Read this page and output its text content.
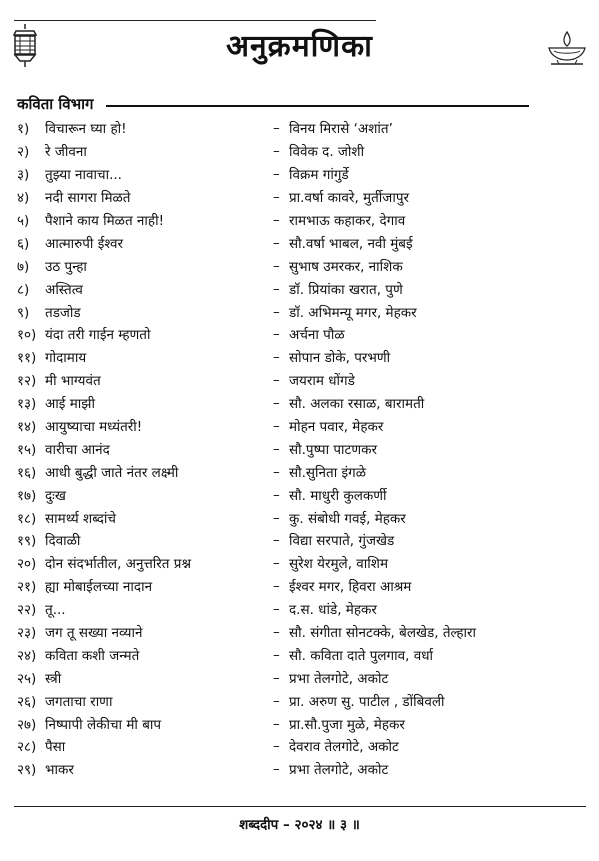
अनुक्रमणिका
कविता विभाग
१)	विचारून घ्या हो!	– विनय मिरासे ‘अशांत’
२)	रे जीवना	– विवेक द. जोशी
३)	तुझ्या नावाचा...	– विक्रम गांगुर्डे
४)	नदी सागरा मिळते	– प्रा.वर्षा कावरे, मुर्तीजापुर
५)	पैशाने काय मिळत नाही!	– रामभाऊ कहाकर, देगाव
६)	आत्मारुपी ईश्वर	– सौ.वर्षा भाबल, नवी मुंबई
७)	उठ पुन्हा	– सुभाष उमरकर, नाशिक
८)	अस्तित्व	– डॉ. प्रियांका खरात, पुणे
९)	तडजोड	– डॉ. अभिमन्यू मगर, मेहकर
१०) यंदा तरी गाईन म्हणतो	– अर्चना पौळ
११) गोदामाय	– सोपान डोके, परभणी
१२) मी भाग्यवंत	– जयराम धोंगडे
१३) आई माझी	– सौ. अलका रसाळ, बारामती
१४) आयुष्याचा मध्यंतरी!	– मोहन पवार, मेहकर
१५) वारीचा आनंद	– सौ.पुष्पा पाटणकर
१६) आधी बुद्धी जाते नंतर लक्ष्मी	– सौ.सुनिता इंगळे
१७) दुःख	– सौ. माधुरी कुलकर्णी
१८) सामर्थ्य शब्दांचे	– कु. संबोधी गवई, मेहकर
१९) दिवाळी	– विद्या सरपाते, गुंजखेड
२०) दोन संदर्भातील, अनुत्तरित प्रश्न	– सुरेश येरमुले, वाशिम
२१) ह्या मोबाईलच्या नादान	– ईश्वर मगर, हिवरा आश्रम
२२) तू...	– द.स. धांडे, मेहकर
२३) जग तू सख्या नव्याने	– सौ. संगीता सोनटक्के, बेलखेड, तेल्हारा
२४) कविता कशी जन्मते	– सौ. कविता दाते पुलगाव, वर्धा
२५) स्त्री	– प्रभा तेलगोटे, अकोट
२६) जगताचा राणा	– प्रा. अरुण सु. पाटील , डोंबिवली
२७) निष्पापी लेकीचा मी बाप	– प्रा.सौ.पुजा मुळे, मेहकर
२८) पैसा	– देवराव तेलगोटे, अकोट
२९) भाकर	– प्रभा तेलगोटे, अकोट
शब्ददीप – २०२४ ॥ ३ ॥
